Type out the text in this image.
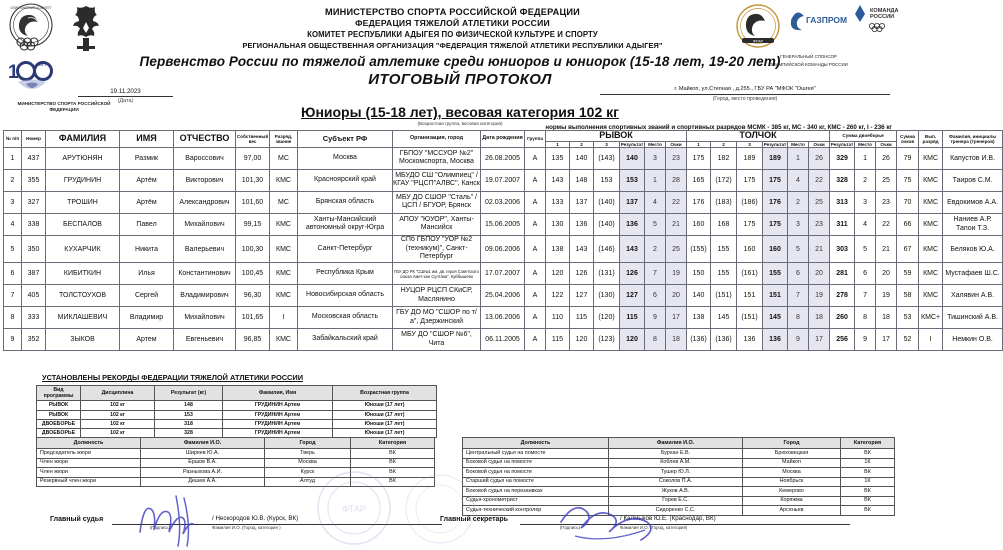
ОЛИМПИЙСКИЙ КОМИТЕТ
1	ЛЕТ
МИНИСТЕРСТВО СПОРТА РОССИЙСКОЙ ФЕДЕРАЦИИ
МИНИСТЕРСТВО СПОРТА РОССИЙСКОЙ ФЕДЕРАЦИИ
ФЕДЕРАЦИЯ ТЯЖЕЛОЙ АТЛЕТИКИ РОССИИ
КОМИТЕТ РЕСПУБЛИКИ АДЫГЕЯ ПО ФИЗИЧЕСКОЙ КУЛЬТУРЕ И СПОРТУ
РЕГИОНАЛЬНАЯ ОБЩЕСТВЕННАЯ ОРГАНИЗАЦИЯ "ФЕДЕРАЦИЯ ТЯЖЕЛОЙ АТЛЕТИКИ РЕСПУБЛИКИ АДЫГЕЯ"	ФТАР
ГАЗПРОМ
КОМАНДА
РОССИИ
ГЕНЕРАЛЬНЫЙ СПОНСОР
ОЛИМПИЙСКОЙ КОМАНДЫ РОССИИ
Первенство России по тяжелой атлетике среди юниоров и юниорок (15-18 лет, 19-20 лет)
ИТОГОВЫЙ ПРОТОКОЛ
19.11.2023
(Дата)
г. Майкоп, ул.Степная , д.255., ГБУ РА "МФОК "Ошгея"
(Город, место проведения)
Юниоры (15-18 лет), весовая категория 102 кг
(Возрастная группа, весовая категория)
нормы выполнения спортивных званий и спортивных разрядов МСМК - 385 кг, МС - 340 кг, КМС - 260 кг, I - 236 кг
№ п/п	Номер	ФАМИЛИЯ	ИМЯ	ОТЧЕСТВО	Собственный вес	Разряд, звание	Субъект РФ	Организация, город	Дата рождения	Группа	РЫВОК						ТОЛЧОК						Сумма двоеборья			Сумма очков	Вып. разряд	Фамилия, инициалы тренера (тренеров)
											1	2	3	Результат	Место	Очки	1	2	3	Результат	Место	Очки	Результат	Место	Очки			
1	437	АРУТЮНЯН	Размик	Вароссович	97,00	МС	Москва	ГБПОУ "МССУОР №2" Москомспорта, Москва	26.08.2005	А	135	140	(143)	140	3	23	175	182	189	189	1	26	329	1	26	79	КМС	Капустов И.В.
2	355	ГРУДИНИН	Артём	Викторович	101,30	КМС	Красноярский край	МБУДО СШ "Олимпиец" / КГАУ "РЦСП"АЛВС", Канск	19.07.2007	А	143	148	153	153	1	28	165	(172)	175	175	4	22	328	2	25	75	КМС	Таиров С.М.
3	327	ТРОШИН	Артём	Александрович	101,60	МС	Брянская область	МБУ ДО СШОР "Сталь" / ЦСП / БГУОР, Брянск	02.03.2006	А	133	137	(140)	137	4	22	176	(183)	(186)	176	2	25	313	3	23	70	КМС	Евдокимов А.А.
4	338	БЕСПАЛОВ	Павел	Михайлович	99,15	КМС	Ханты-Мансийский автономный округ-Югра	АПОУ "ЮУОР", Ханты-Мансийск	15.06.2005	А	130	136	(140)	136	5	21	160	168	175	175	3	23	311	4	22	66	КМС	Наниев А.Р. Тапои Т.З.
5	350	КУХАРЧИК	Никита	Валерьевич	100,30	КМС	Санкт-Петербург	СПб ГБПОУ "УОР №2 (техникум)", Санкт-Петербург	09.06.2006	А	138	143	(146)	143	2	25	(155)	155	160	160	5	21	303	5	21	67	КМС	Беляков Ю.А.
6	387	КИБИТКИН	Илья	Константинович	100,45	КМС	Республика Крым	ГБУ ДО РК "СШ№1 им. дв. героя Советского союза Амет-хан Султана", Куйбышево	17.07.2007	А	120	126	(131)	126	7	19	150	155	(161)	155	6	20	281	6	20	59	КМС	Мустафаев Ш.С.
7	405	ТОЛСТОУХОВ	Сергей	Владимирович	96,30	КМС	Новосибирская область	НУЦОР РЦСП СКиСР, Маслянино	25.04.2006	А	122	127	(130)	127	6	20	140	(151)	151	151	7	19	278	7	19	58	КМС	Халявин А.В.
8	333	МИКЛАШЕВИЧ	Владимир	Михайлович	101,65	I	Московская область	ГБУ ДО МО "СШОР по т/а", Дзержинский	13.06.2006	А	110	115	(120)	115	9	17	138	145	(151)	145	8	18	260	8	18	53	КМС+	Тишинский А.В.
9	352	ЗЫКОВ	Артем	Евгеньевич	96,85	КМС	Забайкальский край	МБУ ДО "СШОР №6", Чита	06.11.2005	А	115	120	(123)	120	8	18	(136)	(136)	136	136	9	17	256	9	17	52	I	Немкин О.В.
УСТАНОВЛЕНЫ РЕКОРДЫ ФЕДЕРАЦИИ ТЯЖЕЛОЙ АТЛЕТИКИ РОССИИ
Вид программы	Дисциплина	Результат (кг)	Фамилия, Имя	Возрастная группа
РЫВОК	102 кг	148	ГРУДИНИН Артем	Юноши (17 лет)
РЫВОК	102 кг	153	ГРУДИНИН Артем	Юноши (17 лет)
ДВОЕБОРЬЕ	102 кг	318	ГРУДИНИН Артем	Юноши (17 лет)
ДВОЕБОРЬЕ	102 кг	328	ГРУДИНИН Артем	Юноши (17 лет)
Должность	Фамилия И.О.	Город	Категория
Председатель жюри	Ширяев Ю.А.	Тверь	ВК
Член жюри	Ершов В.А.	Москва	ВК
Член жюри	Разныхова А.И.	Курск	ВК
Резервный член жюри	Дешев А.А.	Алтуд	ВК
Должность	Фамилия И.О.	Город	Категория
Центральный судья на помосте	Бурхан Е.В.	Брюховецкая	ВК
Боковой судья на помосте	Коблев А.М.	Майкоп	1К
Боковой судья на помосте	Тушер Ю.Л.	Москва	ВК
Старший судья на помосте	Соколов П.А.	Ноябрьск	1К
Боковой судья на перезанвках	Жуков А.В.	Кемерово	ВК
Судья-хронометрист	Горев Е.С.	Коряжма	ВК
Судья-технический контролер	Сидоренко С.С.	Арсеньев	ВК
Главный судья
(Подпись)
/ Нескородов Ю.В. (Курск, ВК)
Фамилия И.О. (Город, категория )
Главный секретарь
(Подпись)
/ Калмыков Ю.Е. (Краснодар, ВК)
Фамилия И.О. (Город, категория)
ФТАР
